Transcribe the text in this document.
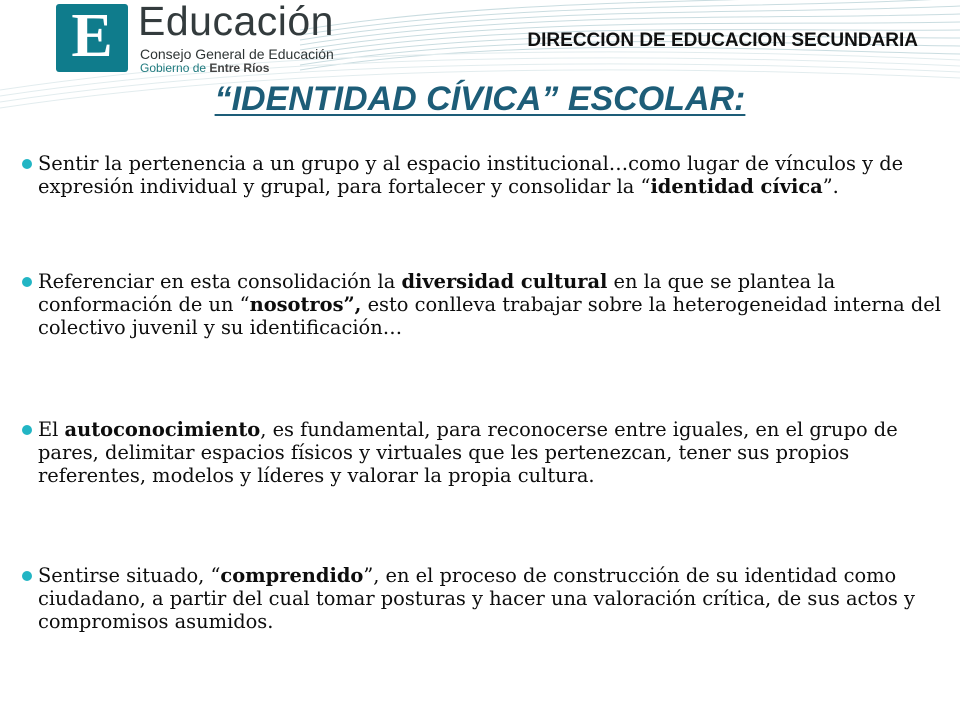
E Educación
Consejo General de Educación
Gobierno de Entre Ríos
DIRECCION DE EDUCACION SECUNDARIA
“IDENTIDAD CÍVICA” ESCOLAR:
Sentir la pertenencia a un grupo y al espacio institucional…como lugar de vínculos y de expresión individual y grupal, para fortalecer y consolidar la “identidad cívica”.
Referenciar en esta consolidación la diversidad cultural en la que se plantea la conformación de un “nosotros”, esto conlleva trabajar sobre la heterogeneidad interna del colectivo juvenil y su identificación…
El autoconocimiento, es fundamental, para reconocerse entre iguales, en el grupo de pares, delimitar espacios físicos y virtuales que les pertenezcan, tener sus propios referentes, modelos y líderes y valorar la propia cultura.
Sentirse situado, “comprendido”, en el proceso de construcción de su identidad como ciudadano, a partir del cual tomar posturas y hacer una valoración crítica, de sus actos y compromisos asumidos.
